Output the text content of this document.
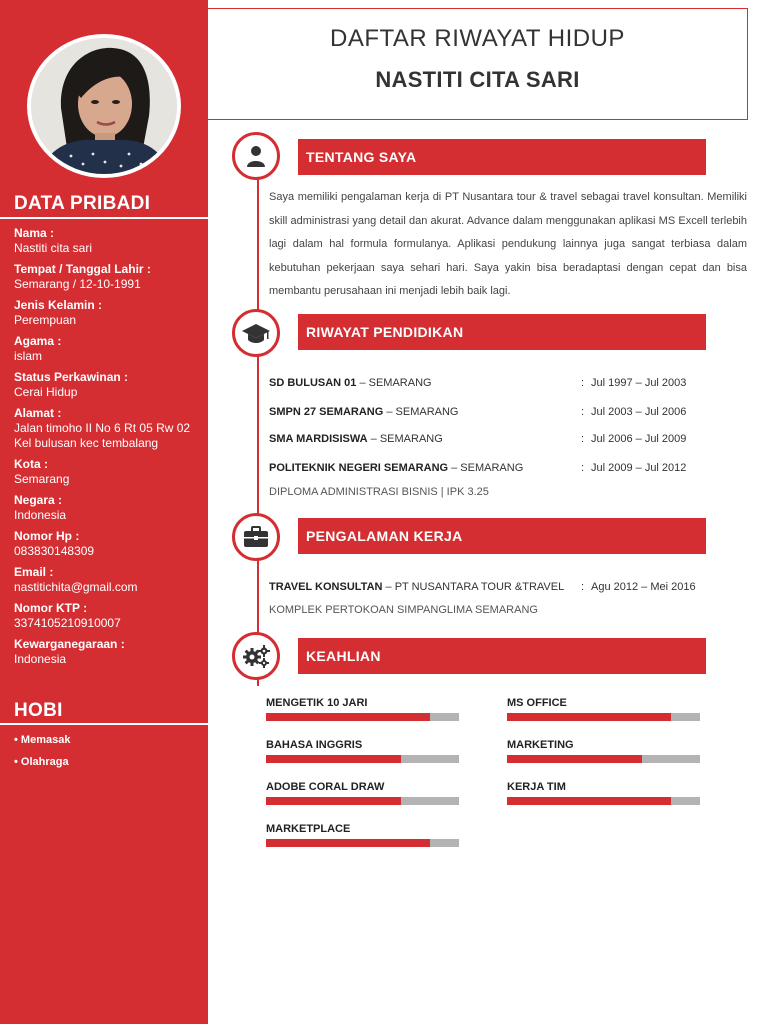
DATA PRIBADI
Nama :
Nastiti cita sari
Tempat / Tanggal Lahir :
Semarang / 12-10-1991
Jenis Kelamin :
Perempuan
Agama :
islam
Status Perkawinan :
Cerai Hidup
Alamat :
Jalan timoho II No 6 Rt 05 Rw 02 Kel bulusan kec tembalang
Kota :
Semarang
Negara :
Indonesia
Nomor Hp :
083830148309
Email :
nastitichita@gmail.com
Nomor KTP :
3374105210910007
Kewarganegaraan :
Indonesia
HOBI
• Memasak
• Olahraga
DAFTAR RIWAYAT HIDUP
NASTITI CITA SARI
TENTANG SAYA
Saya memiliki pengalaman kerja di PT Nusantara tour & travel sebagai travel konsultan. Memiliki skill administrasi yang detail dan akurat. Advance dalam menggunakan aplikasi MS Excell terlebih lagi dalam hal formula formulanya. Aplikasi pendukung lainnya juga sangat terbiasa dalam kebutuhan pekerjaan saya sehari hari. Saya yakin bisa beradaptasi dengan cepat dan bisa membantu perusahaan ini menjadi lebih baik lagi.
RIWAYAT PENDIDIKAN
SD BULUSAN 01 – SEMARANG	: Jul 1997 – Jul 2003
SMPN 27 SEMARANG – SEMARANG	: Jul 2003 – Jul 2006
SMA MARDISISWA – SEMARANG	: Jul 2006 – Jul 2009
POLITEKNIK NEGERI SEMARANG – SEMARANG	: Jul 2009 – Jul 2012
DIPLOMA ADMINISTRASI BISNIS | IPK 3.25
PENGALAMAN KERJA
TRAVEL KONSULTAN – PT NUSANTARA TOUR &TRAVEL : Agu 2012 – Mei 2016
KOMPLEK PERTOKOAN SIMPANGLIMA SEMARANG
KEAHLIAN
MENGETIK 10 JARI	MS OFFICE
BAHASA INGGRIS	MARKETING
ADOBE CORAL DRAW	KERJA TIM
MARKETPLACE
